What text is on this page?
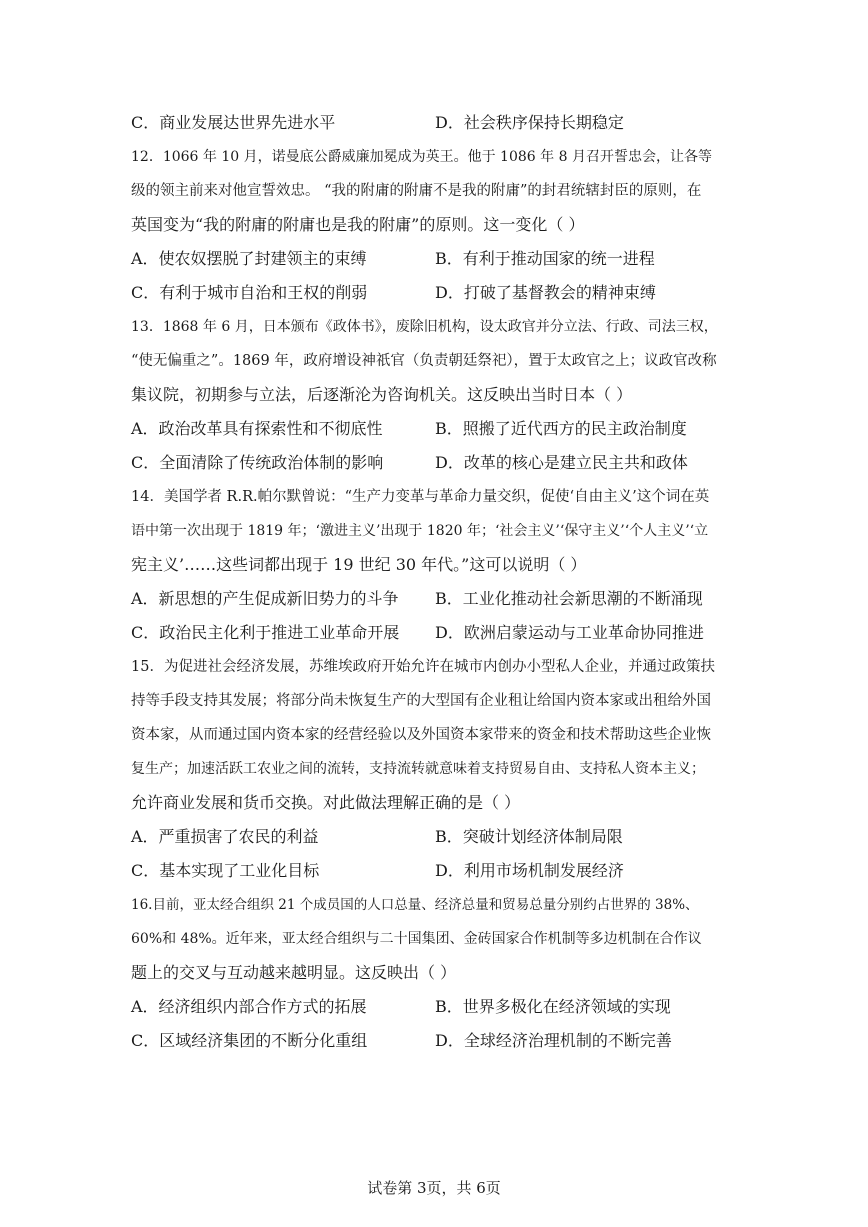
C．商业发展达世界先进水平	D．社会秩序保持长期稳定
12．1066 年 10 月，诺曼底公爵威廉加冕成为英王。他于 1086 年 8 月召开誓忠会，让各等
级的领主前来对他宣誓效忠。 “我的附庸的附庸不是我的附庸”的封君统辖封臣的原则，在
英国变为“我的附庸的附庸也是我的附庸”的原则。这一变化（ ）
A．使农奴摆脱了封建领主的束缚	B．有利于推动国家的统一进程
C．有利于城市自治和王权的削弱	D．打破了基督教会的精神束缚
13．1868 年 6 月，日本颁布《政体书》，废除旧机构，设太政官并分立法、行政、司法三权，
“使无偏重之”。1869 年，政府增设神祇官（负责朝廷祭祀），置于太政官之上；议政官改称
集议院，初期参与立法，后逐渐沦为咨询机关。这反映出当时日本（ ）
A．政治改革具有探索性和不彻底性	B．照搬了近代西方的民主政治制度
C．全面清除了传统政治体制的影响	D．改革的核心是建立民主共和政体
14．美国学者 R.R.帕尔默曾说：“生产力变革与革命力量交织，促使‘自由主义’这个词在英
语中第一次出现于 1819 年；‘激进主义’出现于 1820 年；‘社会主义’‘保守主义’‘个人主义’‘立
宪主义’……这些词都出现于 19 世纪 30 年代。”这可以说明（ ）
A．新思想的产生促成新旧势力的斗争 B．工业化推动社会新思潮的不断涌现
C．政治民主化利于推进工业革命开展 D．欧洲启蒙运动与工业革命协同推进
15．为促进社会经济发展，苏维埃政府开始允许在城市内创办小型私人企业，并通过政策扶
持等手段支持其发展；将部分尚未恢复生产的大型国有企业租让给国内资本家或出租给外国
资本家，从而通过国内资本家的经营经验以及外国资本家带来的资金和技术帮助这些企业恢
复生产；加速活跃工农业之间的流转，支持流转就意味着支持贸易自由、支持私人资本主义；
允许商业发展和货币交换。对此做法理解正确的是（ ）
A．严重损害了农民的利益	B．突破计划经济体制局限
C．基本实现了工业化目标	D．利用市场机制发展经济
16.目前，亚太经合组织 21 个成员国的人口总量、经济总量和贸易总量分别约占世界的 38%、
60%和 48%。近年来，亚太经合组织与二十国集团、金砖国家合作机制等多边机制在合作议
题上的交叉与互动越来越明显。这反映出（ ）
A．经济组织内部合作方式的拓展	B．世界多极化在经济领域的实现
C．区域经济集团的不断分化重组	D．全球经济治理机制的不断完善
试卷第 3页，共 6页
